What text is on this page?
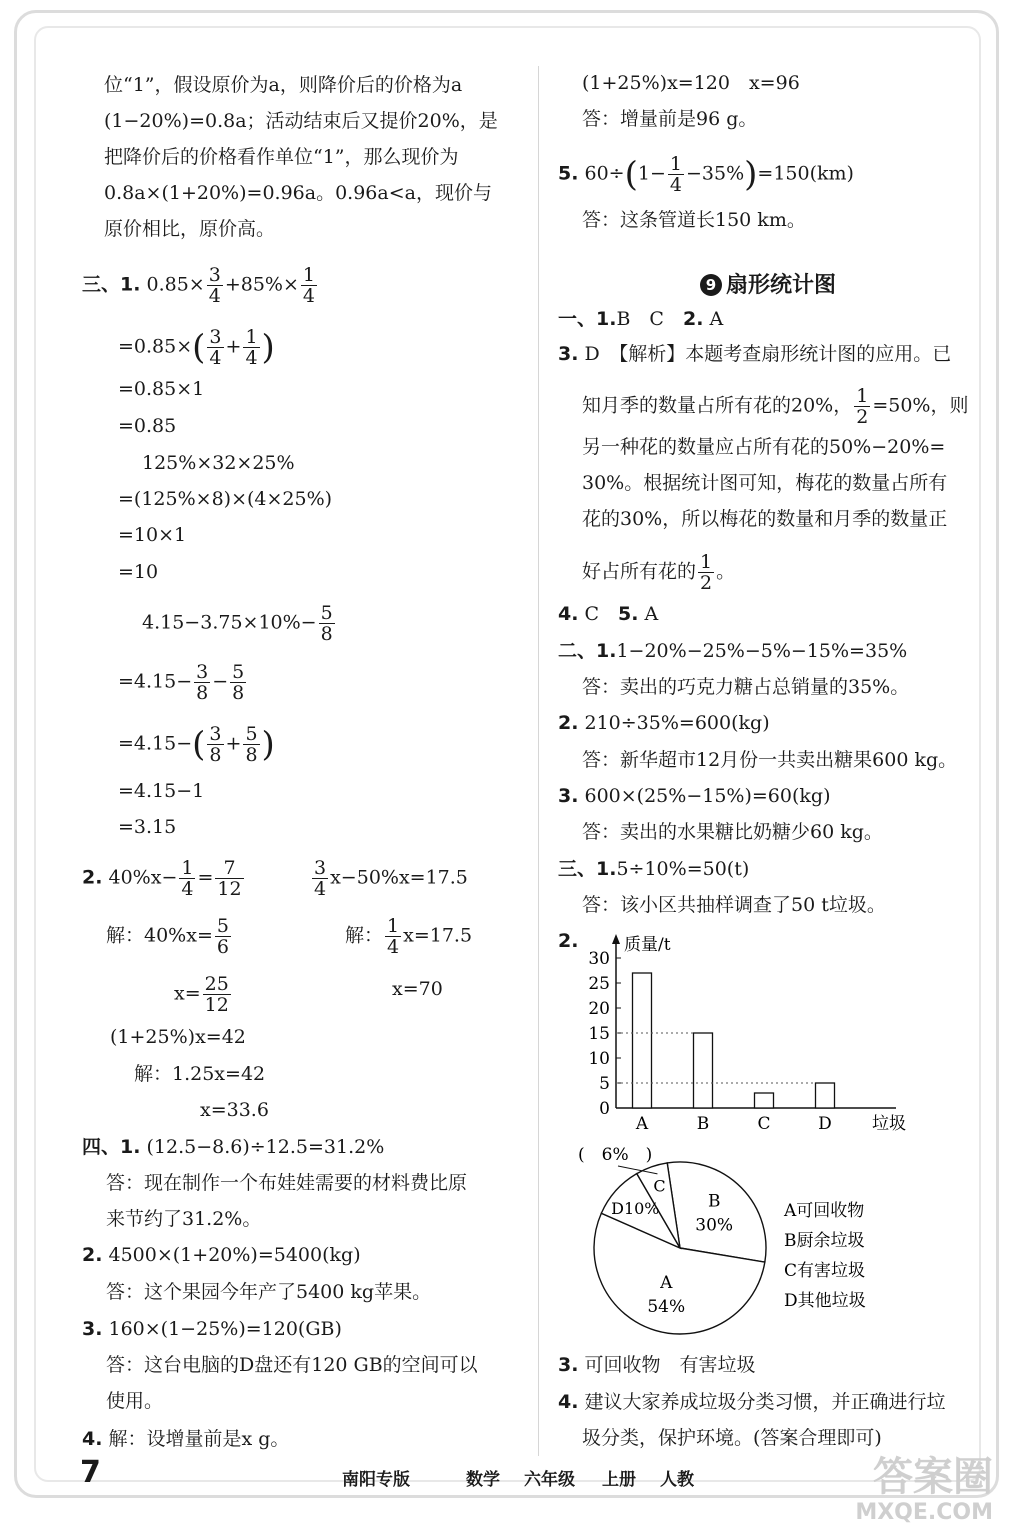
位“1”，假设原价为a，则降价后的价格为a
(1−20%)=0.8a；活动结束后又提价20%，是
把降价后的价格看作单位“1”，那么现价为
0.8a×(1+20%)=0.96a。0.96a<a，现价与
原价相比，原价高。
三、1. $0.85\times \frac{3}{4} +85\%\times \frac{1}{4}$
$=0.85\times( \frac{3}{4} + \frac{1}{4}$ )
=0.85×1
=0.85
125%×32×25%
=(125%×8)×(4×25%)
=10×1
=10
$4.15-3.75\times 10\%- \frac{5}{8}$
$=4.15- \frac{3}{8} - \frac{5}{8}$
$=4.15-( \frac{3}{8} + \frac{5}{8}$ )
=4.15−1
=3.15
2. $40\%x- \frac{1}{4} = \frac{7}{12}$	$\frac{3}{4} x-50\%x=17.5$
解：$40\%x= \frac{5}{6}$	解： $\frac{1}{4} x=17.5$
$x= \frac{25}{12}$	x=70
(1+25%)x=42
解：1.25x=42
x=33.6
四、1. (12.5−8.6)÷12.5=31.2%
答：现在制作一个布娃娃需要的材料费比原
来节约了31.2%。
2. 4500×(1+20%)=5400(kg)
答：这个果园今年产了5400 kg苹果。
3. 160×(1−25%)=120(GB)
答：这台电脑的D盘还有120 GB的空间可以
使用。
4. 解：设增量前是x g。
(1+25%)x=120　x=96
答：增量前是96 g。
5. $60\div(1- \frac{1}{4} -35\%)=150(km)$
答：这条管道长150 km。
9 扇形统计图
一、1.B　C　2. A
3. D　【解析】本题考查扇形统计图的应用。已
知月季的数量占所有花的20%， $\frac{1}{2} =50\%$，则
另一种花的数量应占所有花的50%−20%=
30%。根据统计图可知，梅花的数量占所有
花的30%，所以梅花的数量和月季的数量正
好占所有花的 $\frac{1}{2}$ 。
4. C　5. A
二、1.1−20%−25%−5%−15%=35%
答：卖出的巧克力糖占总销量的35%。
2. 210÷35%=600(kg)
答：新华超市12月份一共卖出糖果600 kg。
3. 600×(25%−15%)=60(kg)
答：卖出的水果糖比奶糖少60 kg。
三、1.5÷10%=50(t)
答：该小区共抽样调查了50 t垃圾。
2.	质量/t
垃圾
0
5
10
15
20
25
30
A	B	C	D
B
30%
A
54%
D10%
C
(　6%　)
A可回收物
B厨余垃圾
C有害垃圾
D其他垃圾
3. 可回收物　有害垃圾
4. 建议大家养成垃圾分类习惯，并正确进行垃
圾分类，保护环境。(答案合理即可)
7	南阳专版	数学 六年级 上册 人教	答案圈
MXQE.COM
